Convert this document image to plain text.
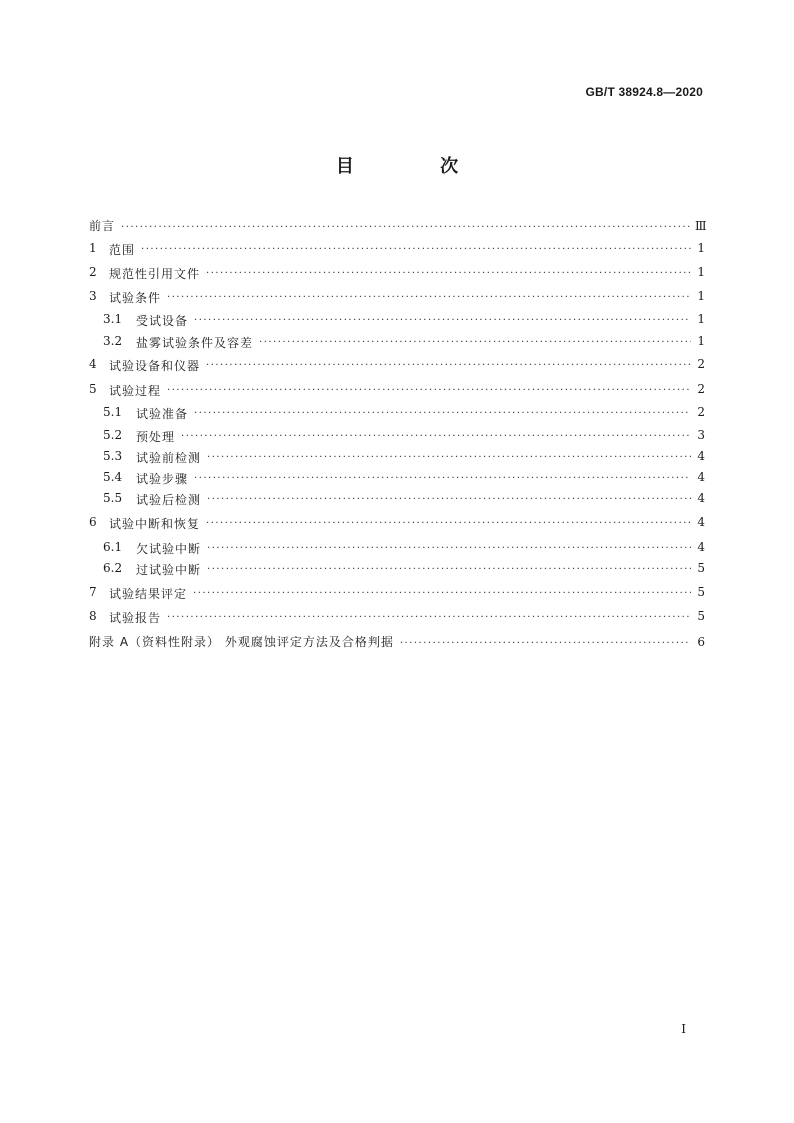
GB/T 38924.8—2020
目 次
前言 ·····	Ⅲ
1	范围 ·····	1
2	规范性引用文件 ·····	1
3	试验条件 ·····	1
3.1	受试设备 ·····	1
3.2	盐雾试验条件及容差 ·····	1
4	试验设备和仪器 ·····	2
5	试验过程 ·····	2
5.1	试验准备 ·····	2
5.2	预处理 ·····	3
5.3	试验前检测 ·····	4
5.4	试验步骤 ·····	4
5.5	试验后检测 ·····	4
6	试验中断和恢复 ·····	4
6.1	欠试验中断 ·····	4
6.2	过试验中断 ·····	5
7	试验结果评定 ·····	5
8	试验报告 ·····	5
附录 A（资料性附录） 外观腐蚀评定方法及合格判据 ·····	6
I
